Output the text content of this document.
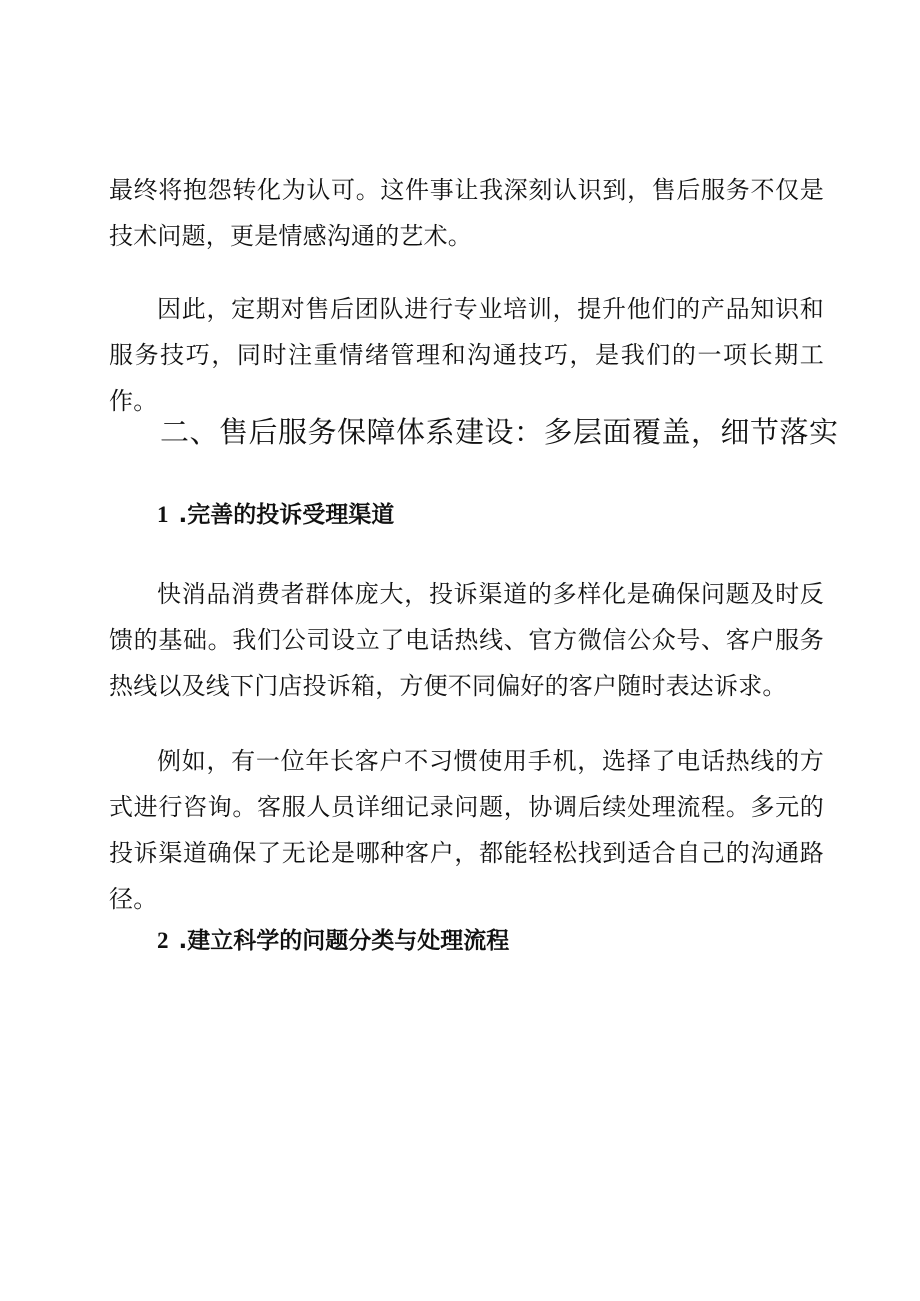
最终将抱怨转化为认可。这件事让我深刻认识到，售后服务不仅是技术问题，更是情感沟通的艺术。

因此，定期对售后团队进行专业培训，提升他们的产品知识和服务技巧，同时注重情绪管理和沟通技巧，是我们的一项长期工作。

二、售后服务保障体系建设：多层面覆盖，细节落实
1 .完善的投诉受理渠道

快消品消费者群体庞大，投诉渠道的多样化是确保问题及时反馈的基础。我们公司设立了电话热线、官方微信公众号、客户服务热线以及线下门店投诉箱，方便不同偏好的客户随时表达诉求。

例如，有一位年长客户不习惯使用手机，选择了电话热线的方式进行咨询。客服人员详细记录问题，协调后续处理流程。多元的投诉渠道确保了无论是哪种客户，都能轻松找到适合自己的沟通路径。

2 .建立科学的问题分类与处理流程
